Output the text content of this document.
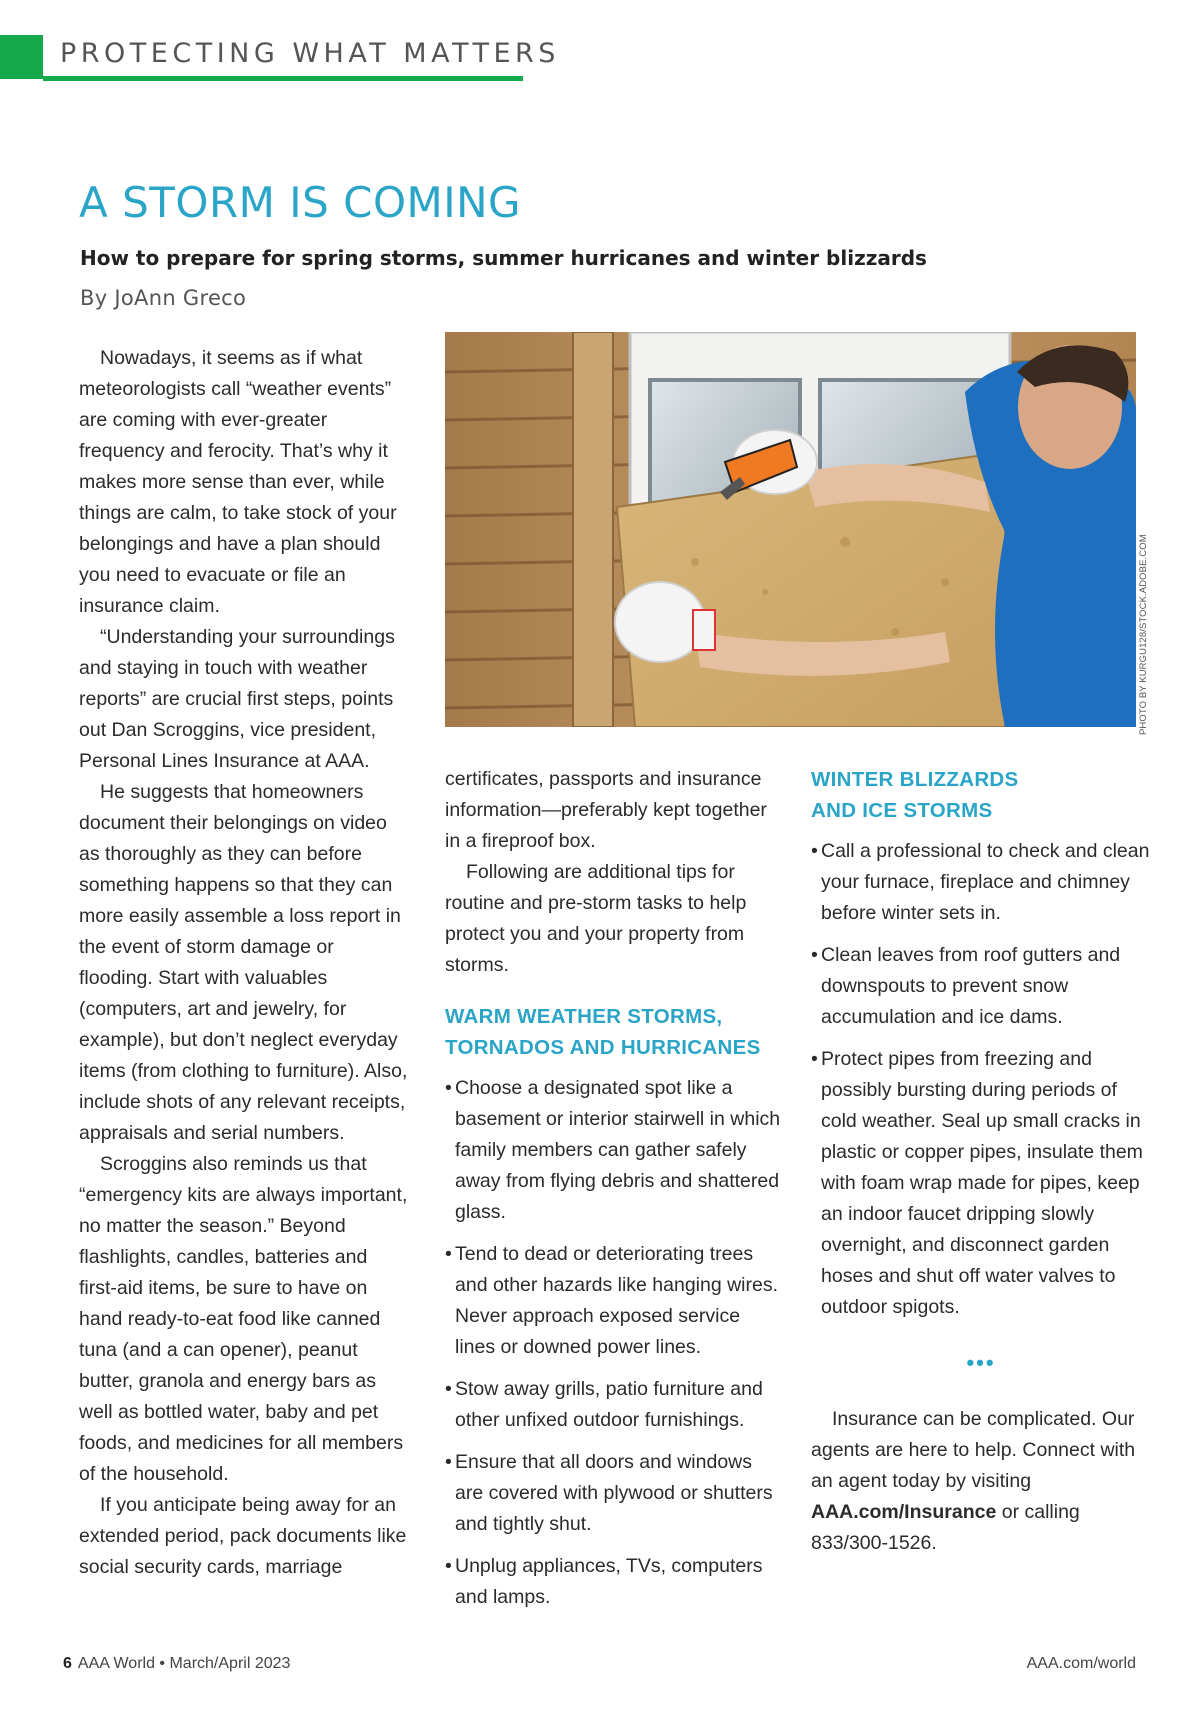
PROTECTING WHAT MATTERS
A STORM IS COMING
How to prepare for spring storms, summer hurricanes and winter blizzards
By JoAnn Greco

Nowadays, it seems as if what meteorologists call “weather events” are coming with ever-greater frequency and ferocity. That’s why it makes more sense than ever, while things are calm, to take stock of your belongings and have a plan should you need to evacuate or file an insurance claim.

“Understanding your surroundings and staying in touch with weather reports” are crucial first steps, points out Dan Scroggins, vice president, Personal Lines Insurance at AAA.

He suggests that homeowners document their belongings on video as thoroughly as they can before something happens so that they can more easily assemble a loss report in the event of storm damage or flooding. Start with valuables (computers, art and jewelry, for example), but don’t neglect everyday items (from clothing to furniture). Also, include shots of any relevant receipts, appraisals and serial numbers.

Scroggins also reminds us that “emergency kits are always important, no matter the season.” Beyond flashlights, candles, batteries and first-aid items, be sure to have on hand ready-to-eat food like canned tuna (and a can opener), peanut butter, granola and energy bars as well as bottled water, baby and pet foods, and medicines for all members of the household.

If you anticipate being away for an extended period, pack documents like social security cards, marriage

PHOTO BY KURGU128/STOCK.ADOBE.COM

certificates, passports and insurance information—preferably kept together in a fireproof box.

Following are additional tips for routine and pre-storm tasks to help protect you and your property from storms.

WARM WEATHER STORMS,
TORNADOS AND HURRICANES
• Choose a designated spot like a basement or interior stairwell in which family members can gather safely away from flying debris and shattered glass.
• Tend to dead or deteriorating trees and other hazards like hanging wires. Never approach exposed service lines or downed power lines.
• Stow away grills, patio furniture and other unfixed outdoor furnishings.
• Ensure that all doors and windows are covered with plywood or shutters and tightly shut.
• Unplug appliances, TVs, computers and lamps.
WINTER BLIZZARDS
AND ICE STORMS
• Call a professional to check and clean your furnace, fireplace and chimney before winter sets in.
• Clean leaves from roof gutters and downspouts to prevent snow accumulation and ice dams.
• Protect pipes from freezing and possibly bursting during periods of cold weather. Seal up small cracks in plastic or copper pipes, insulate them with foam wrap made for pipes, keep an indoor faucet dripping slowly overnight, and disconnect garden hoses and shut off water valves to outdoor spigots.
•••

Insurance can be complicated. Our agents are here to help. Connect with an agent today by visiting AAA.com/Insurance or calling 833/300-1526.

6 AAA World • March/April 2023	AAA.com/world
